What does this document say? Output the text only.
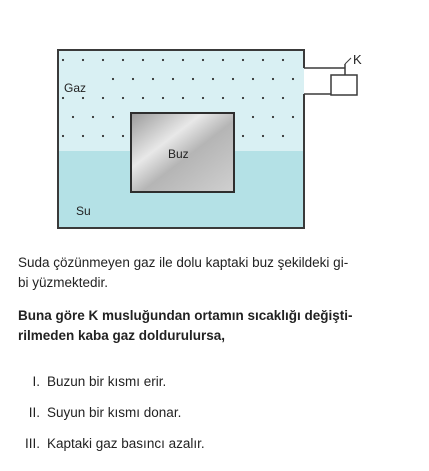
K
Gaz
Buz
Su

Suda çözünmeyen gaz ile dolu kaptaki buz şekildeki gi-
bi yüzmektedir.

Buna göre K musluğundan ortamın sıcaklığı değişti-
rilmeden kaba gaz doldurulursa,

I. Buzun bir kısmı erir.
II. Suyun bir kısmı donar.
III. Kaptaki gaz basıncı azalır.
